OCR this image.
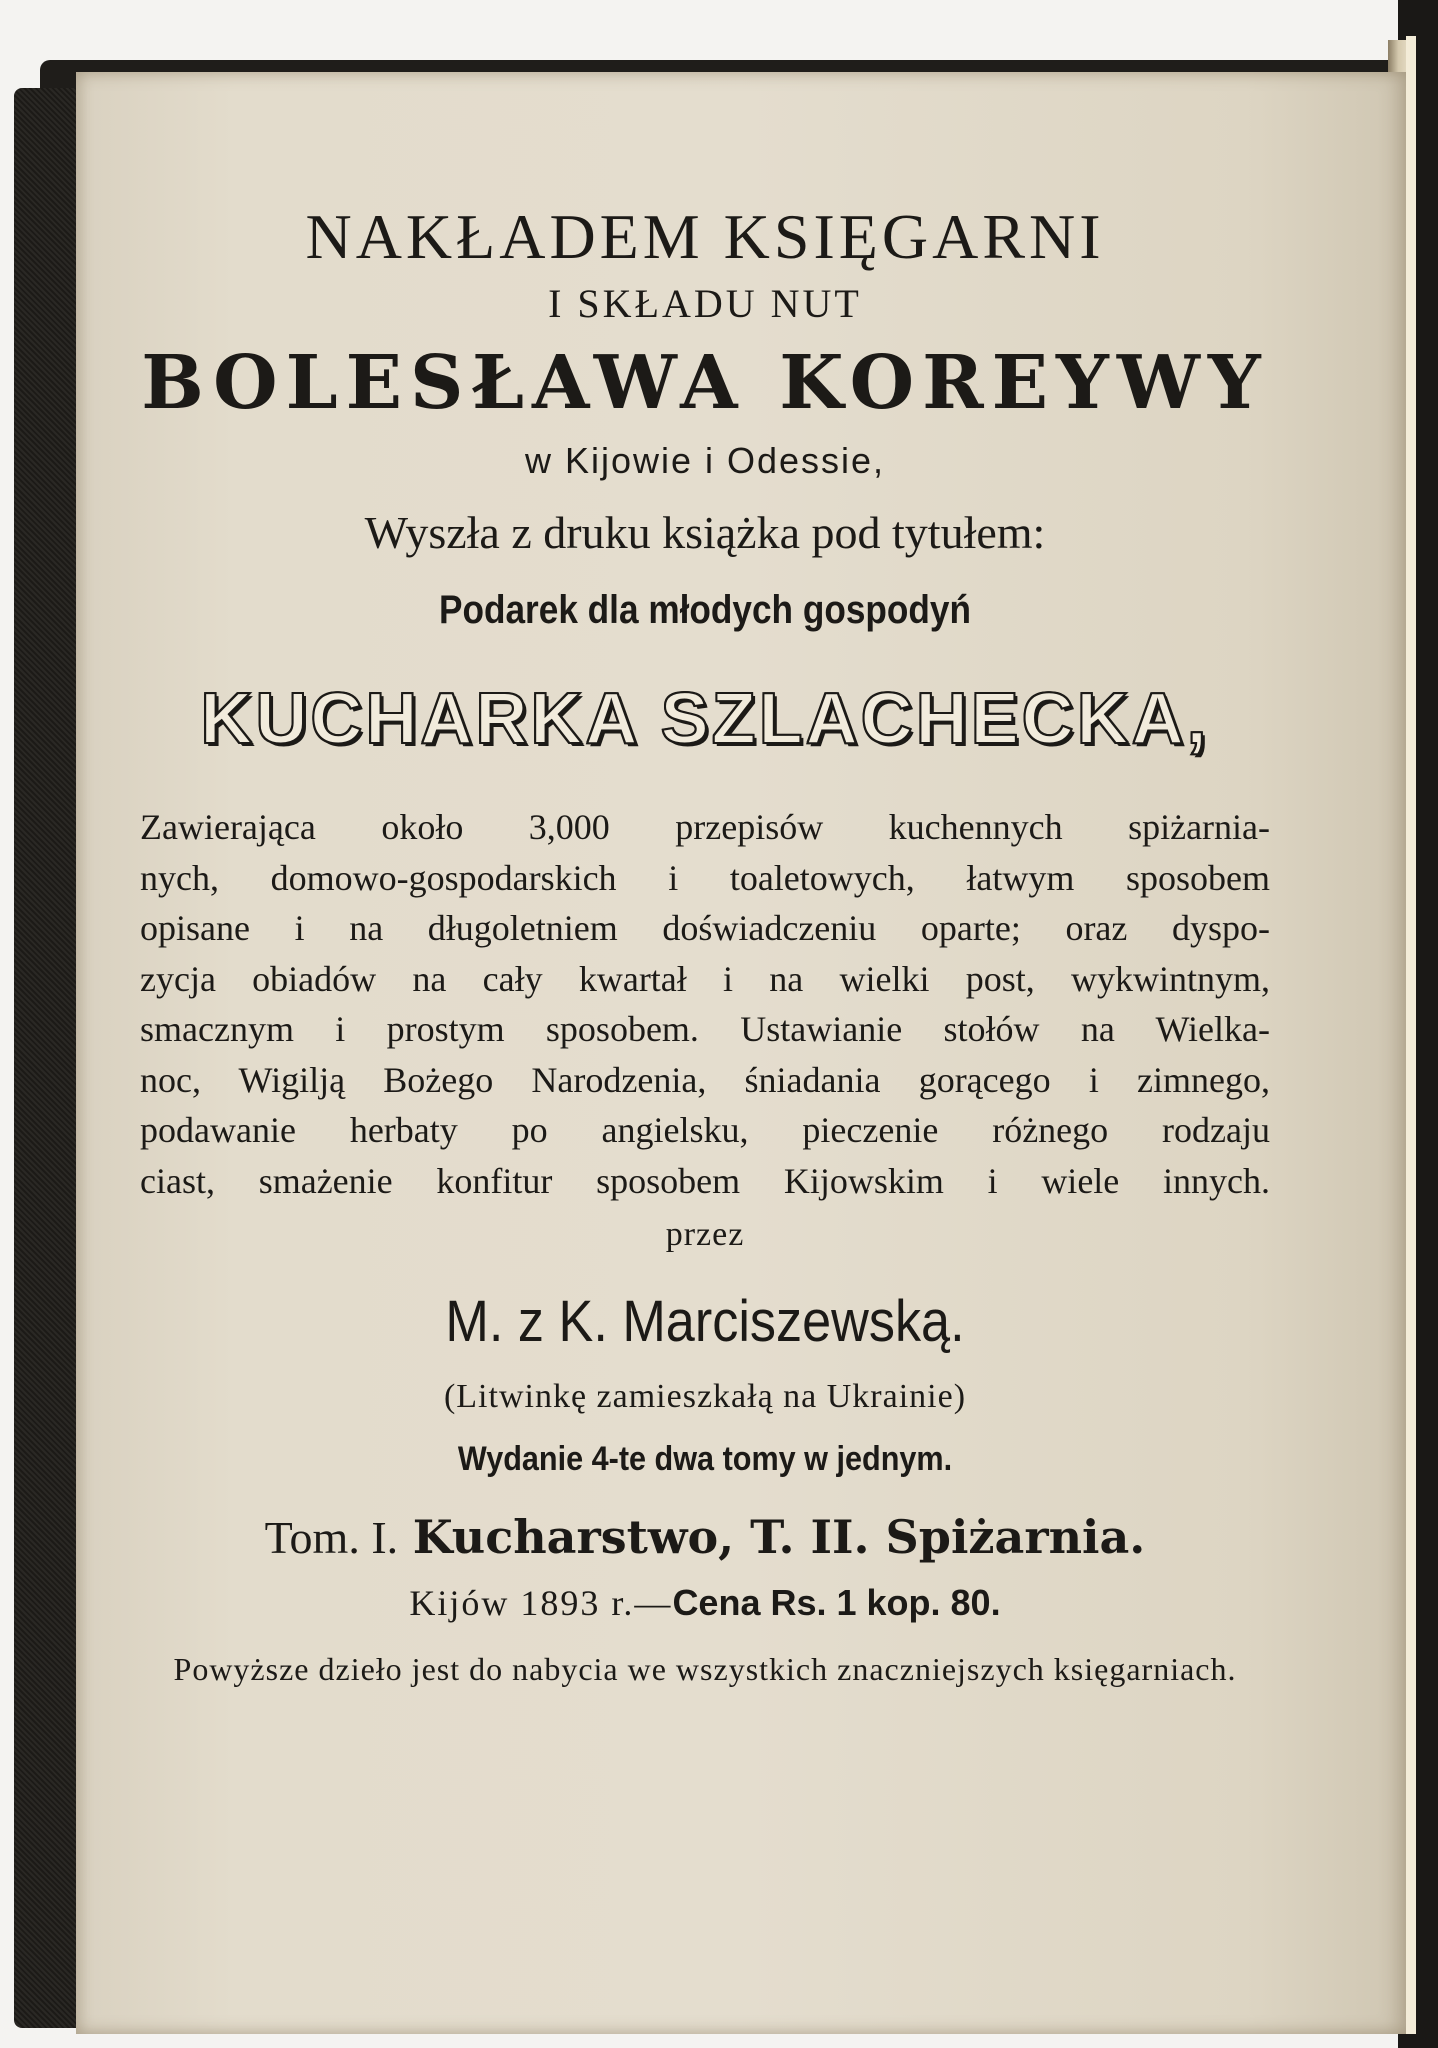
NAKŁADEM KSIĘGARNI
I SKŁADU NUT
BOLESŁAWA KOREYWY
w Kijowie i Odessie,
Wyszła z druku książka pod tytułem:
Podarek dla młodych gospodyń
KUCHARKA SZLACHECKA,
Zawierająca około 3,000 przepisów kuchennych spiżarnia-
nych, domowo-gospodarskich i toaletowych, łatwym sposobem
opisane i na długoletniem doświadczeniu oparte; oraz dyspo-
zycja obiadów na cały kwartał i na wielki post, wykwintnym,
smacznym i prostym sposobem. Ustawianie stołów na Wielka-
noc, Wigilją Bożego Narodzenia, śniadania gorącego i zimnego,
podawanie herbaty po angielsku, pieczenie różnego rodzaju
ciast, smażenie konfitur sposobem Kijowskim i wiele innych.
przez
M. z K. Marciszewską.
(Litwinkę zamieszkałą na Ukrainie)
Wydanie 4-te dwa tomy w jednym.
Tom. I. Kucharstwo, T. II. Spiżarnia.
Kijów 1893 r.—Cena Rs. 1 kop. 80.
Powyższe dzieło jest do nabycia we wszystkich znaczniejszych księgarniach.
